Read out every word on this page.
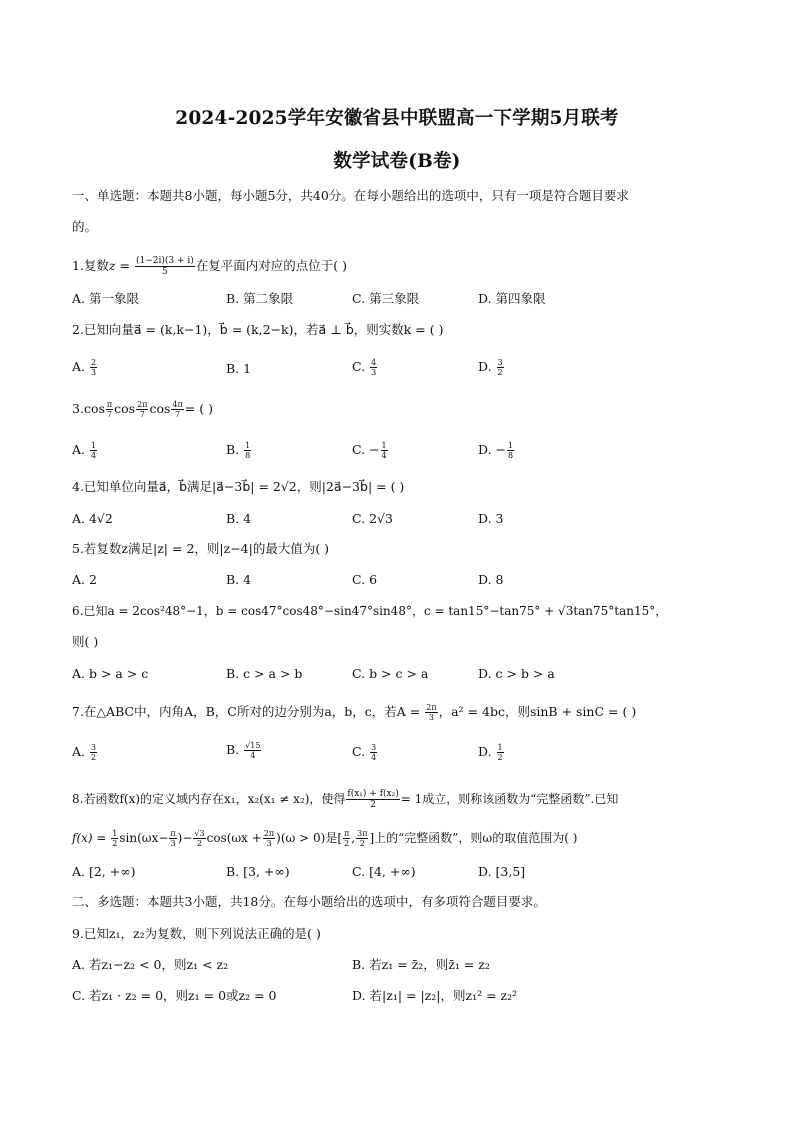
2024-2025学年安徽省县中联盟高一下学期5月联考
数学试卷(B卷)
一、单选题：本题共8小题，每小题5分，共40分。在每小题给出的选项中，只有一项是符合题目要求
的。
1.复数$z = \frac{(1-2i)(3 + i)}{5}$ 在复平面内对应的点位于( )
A. 第一象限	B. 第二象限	C. 第三象限	D. 第四象限
2.已知向量a⃗ = (k,k−1)，b⃗ = (k,2−k)，若a⃗ ⊥ b⃗，则实数k = ( )
A. $\frac{2}{3}$	B. 1	C. $\frac{4}{3}$	D. $\frac{3}{2}$
$3.\cos \frac{\pi}{7}$ $\cos \frac{2\pi}{7}$ $\cos \frac{4\pi}{7}$ = ( )
A. $\frac{1}{4}$	B. $\frac{1}{8}$	C. − $\frac{1}{4}$	D. − $\frac{1}{8}$
4.已知单位向量a⃗，b⃗满足|a⃗−3b⃗| = 2√2，则|2a⃗−3b⃗| = ( )
A. 4√2	B. 4	C. 2√3	D. 3
5.若复数z满足|z| = 2，则|z−4|的最大值为( )
A. 2	B. 4	C. 6	D. 8
6.已知a = 2cos²48°−1，b = cos47°cos48°−sin47°sin48°，c = tan15°−tan75° + √3tan75°tan15°，
则( )
A. b > a > c	B. c > a > b	C. b > c > a	D. c > b > a
7.在△ABC中，内角A，B，C所对的边分别为a，b，c，若$A = \frac{2\pi}{3}$ ，a² = 4bc，则sinB + sinC = ( )
A. $\frac{3}{2}$	B. $\frac{√15}{4}$	C. $\frac{3}{4}$	D. $\frac{1}{2}$
8.若函数f(x)的定义域内存在x₁，x₂(x₁ ≠ x₂)，使得 $\frac{\text{f(x₁) + f(x₂)}}{2} = 1$成立，则称该函数为“完整函数”.已知
$f(x) = \frac{1}{2} \sin(\omega x- \frac{\pi}{3}$ )− $\frac{√3}{2} \cos(\omega x + \frac{2\pi}{3} )(\omega > 0)$是[ $\frac{\pi}{2}$ , $\frac{3\pi}{2}$ ]上的“完整函数”，则ω的取值范围为( )
A. [2, +∞)	B. [3, +∞)	C. [4, +∞)	D. [3,5]
二、多选题：本题共3小题，共18分。在每小题给出的选项中，有多项符合题目要求。
9.已知z₁，z₂为复数，则下列说法正确的是( )
A. 若z₁−z₂ < 0，则z₁ < z₂	B. 若z₁ = z̄₂，则z̄₁ = z₂
C. 若z₁ · z₂ = 0，则z₁ = 0或z₂ = 0	D. 若|z₁| = |z₂|，则z₁² = z₂²
